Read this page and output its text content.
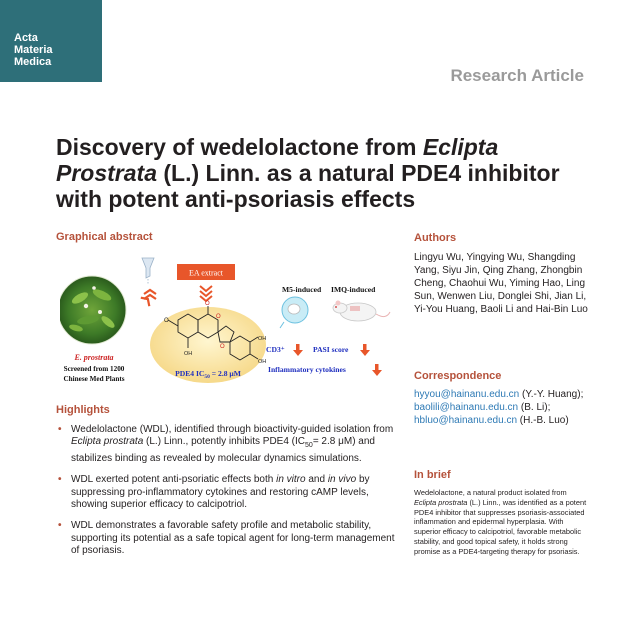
Acta
Materia
Medica
Research Article
Discovery of wedelolactone from Eclipta Prostrata (L.) Linn. as a natural PDE4 inhibitor with potent anti-psoriasis effects
Graphical abstract
E. prostrata
Screened from 1200
Chinese Med Plants
EA extract
O
O
O
O
OH
OH
OH
PDE4 $IC_{50} = 2.8$ μM
M5-induced IMQ-induced
CD3⁺	PASI score
Inflammatory cytokines
Highlights
• Wedelolactone (WDL), identified through bioactivity-guided isolation from Eclipta prostrata (L.) Linn., potently inhibits PDE4 ($IC_{50}= 2.8$ μM) and stabilizes binding as revealed by molecular dynamics simulations.
• WDL exerted potent anti-psoriatic effects both in vitro and in vivo by suppressing pro-inflammatory cytokines and restoring cAMP levels, showing superior efficacy to calcipotriol.
• WDL demonstrates a favorable safety profile and metabolic stability, supporting its potential as a safe topical agent for long-term management of psoriasis.
Authors
Lingyu Wu, Yingying Wu, Shangding Yang, Siyu Jin, Qing Zhang, Zhongbin Cheng, Chaohui Wu, Yiming Hao, Ling Sun, Wenwen Liu, Donglei Shi, Jian Li, Yi-You Huang, Baoli Li and Hai-Bin Luo
Correspondence
hyyou@hainanu.edu.cn (Y.-Y. Huang); baolili@hainanu.edu.cn (B. Li); hbluo@hainanu.edu.cn (H.-B. Luo)
In brief
Wedelolactone, a natural product isolated from Eclipta prostrata (L.) Linn., was identified as a potent PDE4 inhibitor that suppresses psoriasis-associated inflammation and epidermal hyperplasia. With superior efficacy to calcipotriol, favorable metabolic stability, and good topical safety, it holds strong promise as a PDE4-targeting therapy for psoriasis.
